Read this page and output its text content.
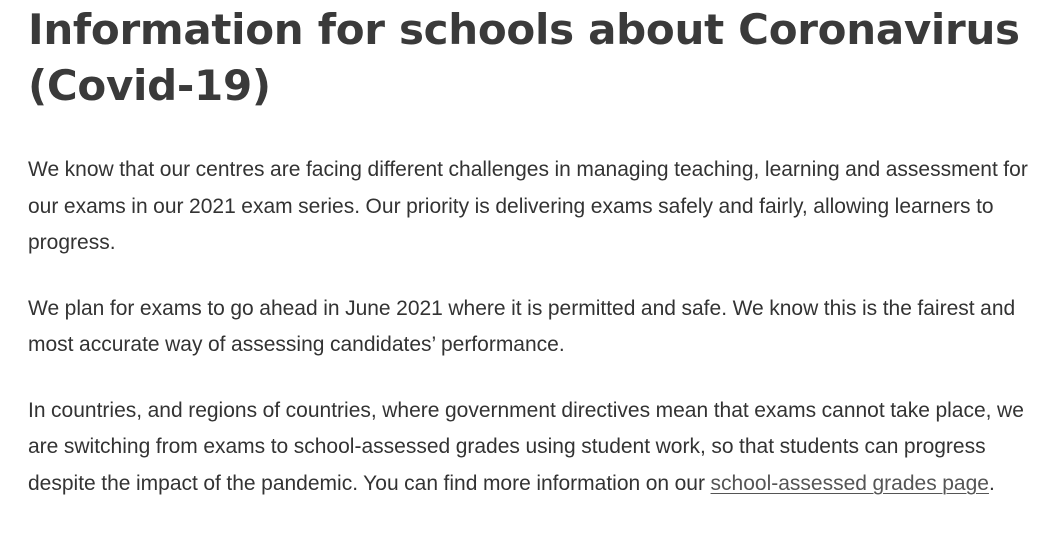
Information for schools about Coronavirus (Covid-19)

We know that our centres are facing different challenges in managing teaching, learning and assessment for our exams in our 2021 exam series. Our priority is delivering exams safely and fairly, allowing learners to progress.

We plan for exams to go ahead in June 2021 where it is permitted and safe. We know this is the fairest and most accurate way of assessing candidates’ performance.

In countries, and regions of countries, where government directives mean that exams cannot take place, we are switching from exams to school-assessed grades using student work, so that students can progress despite the impact of the pandemic. You can find more information on our school-assessed grades page.
